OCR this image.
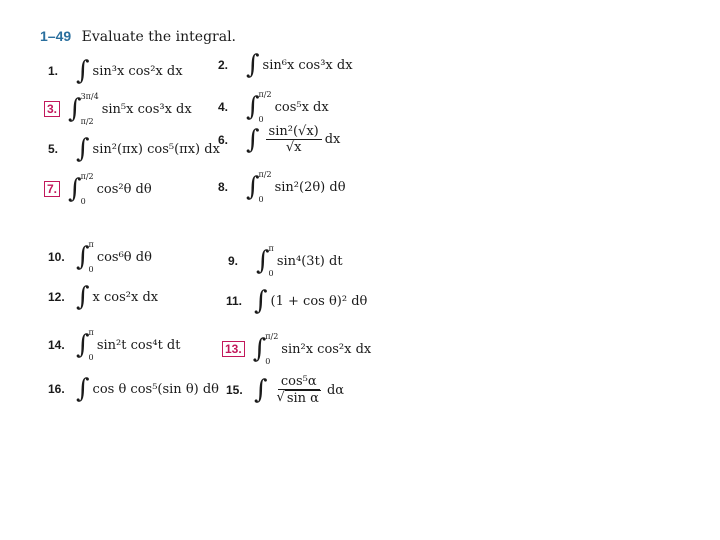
1–49 Evaluate the integral.
1. ∫ sin³x cos²x dx	2. ∫ sin⁶x cos³x dx
3. ∫ 3π/4
π/2
sin⁵x cos³x dx 4. ∫ π/2
0
cos⁵x dx
5. ∫ sin²(πx) cos⁵(πx) dx
6. ∫ $\frac{\text{sin²(√x)}}{√x}$ dx
7. ∫ π/2
0
cos²θ dθ	8. ∫ π/2
0
sin²(2θ) dθ
10. ∫ π
0
cos⁶θ dθ	9. ∫ π
0
sin⁴(3t) dt
12. ∫ x cos²x dx	11. ∫ (1 + cos θ)² dθ
14. ∫ π
0
sin²t cos⁴t dt	13. ∫ π/2
0
sin²x cos²x dx
16. ∫ cos θ cos⁵(sin θ) dθ 15. ∫ $\frac{\text{cos⁵α}}{\text{√ sin α}}$ dα
